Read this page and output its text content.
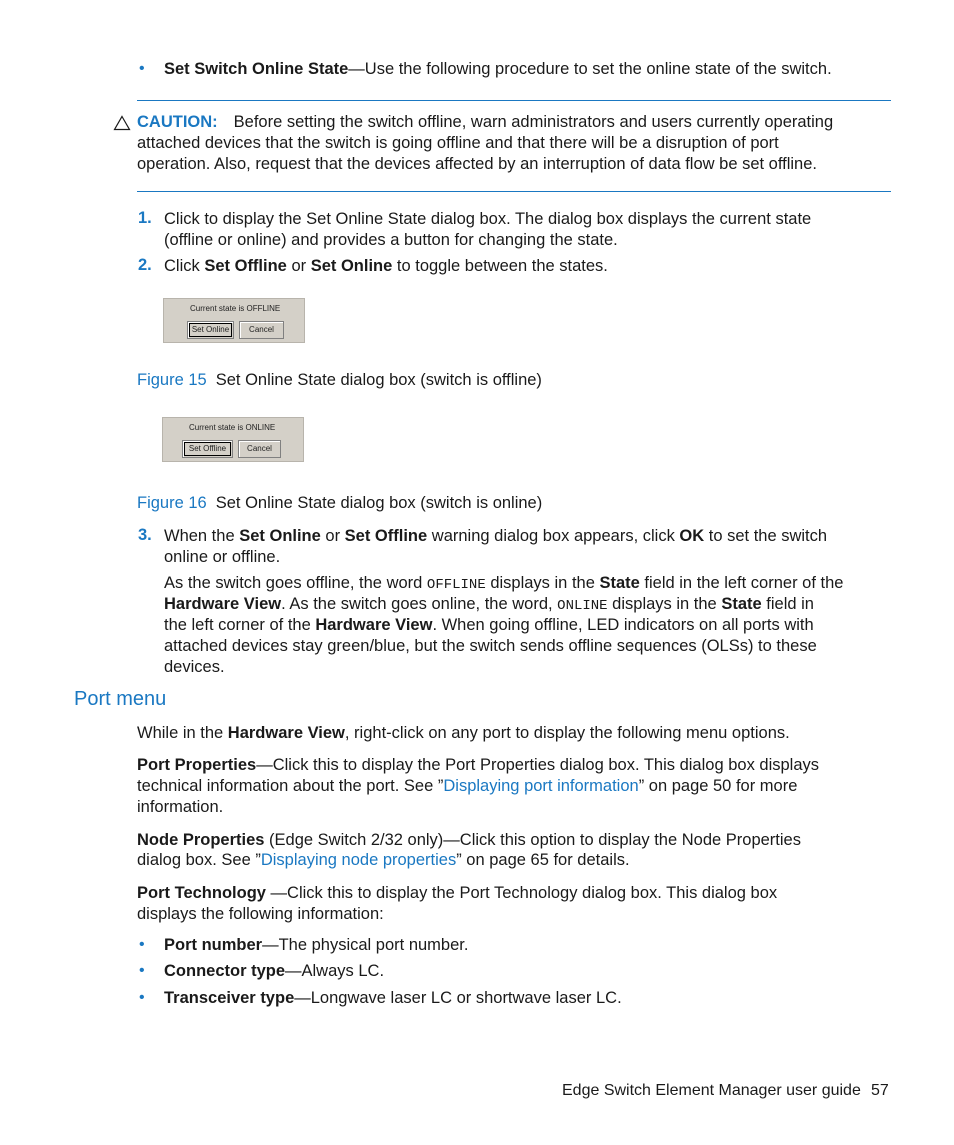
• Set Switch Online State—Use the following procedure to set the online state of the switch.
CAUTION: Before setting the switch offline, warn administrators and users currently operating
attached devices that the switch is going offline and that there will be a disruption of port
operation. Also, request that the devices affected by an interruption of data flow be set offline.
1. Click to display the Set Online State dialog box. The dialog box displays the current state
(offline or online) and provides a button for changing the state.
2. Click Set Offline or Set Online to toggle between the states.
Current state is OFFLINE
Set Online	Cancel
Figure 15 Set Online State dialog box (switch is offline)
Current state is ONLINE
Set Offline	Cancel
Figure 16 Set Online State dialog box (switch is online)
3. When the Set Online or Set Offline warning dialog box appears, click OK to set the switch
online or offline.
As the switch goes offline, the word OFFLINE displays in the State field in the left corner of the
Hardware View. As the switch goes online, the word, ONLINE displays in the State field in
the left corner of the Hardware View. When going offline, LED indicators on all ports with
attached devices stay green/blue, but the switch sends offline sequences (OLSs) to these
devices.
Port menu
While in the Hardware View, right-click on any port to display the following menu options.
Port Properties—Click this to display the Port Properties dialog box. This dialog box displays
technical information about the port. See ”Displaying port information” on page 50 for more
information.
Node Properties (Edge Switch 2/32 only)—Click this option to display the Node Properties
dialog box. See ”Displaying node properties” on page 65 for details.
Port Technology —Click this to display the Port Technology dialog box. This dialog box
displays the following information:
• Port number—The physical port number.
• Connector type—Always LC.
• Transceiver type—Longwave laser LC or shortwave laser LC.
Edge Switch Element Manager user guide 57
